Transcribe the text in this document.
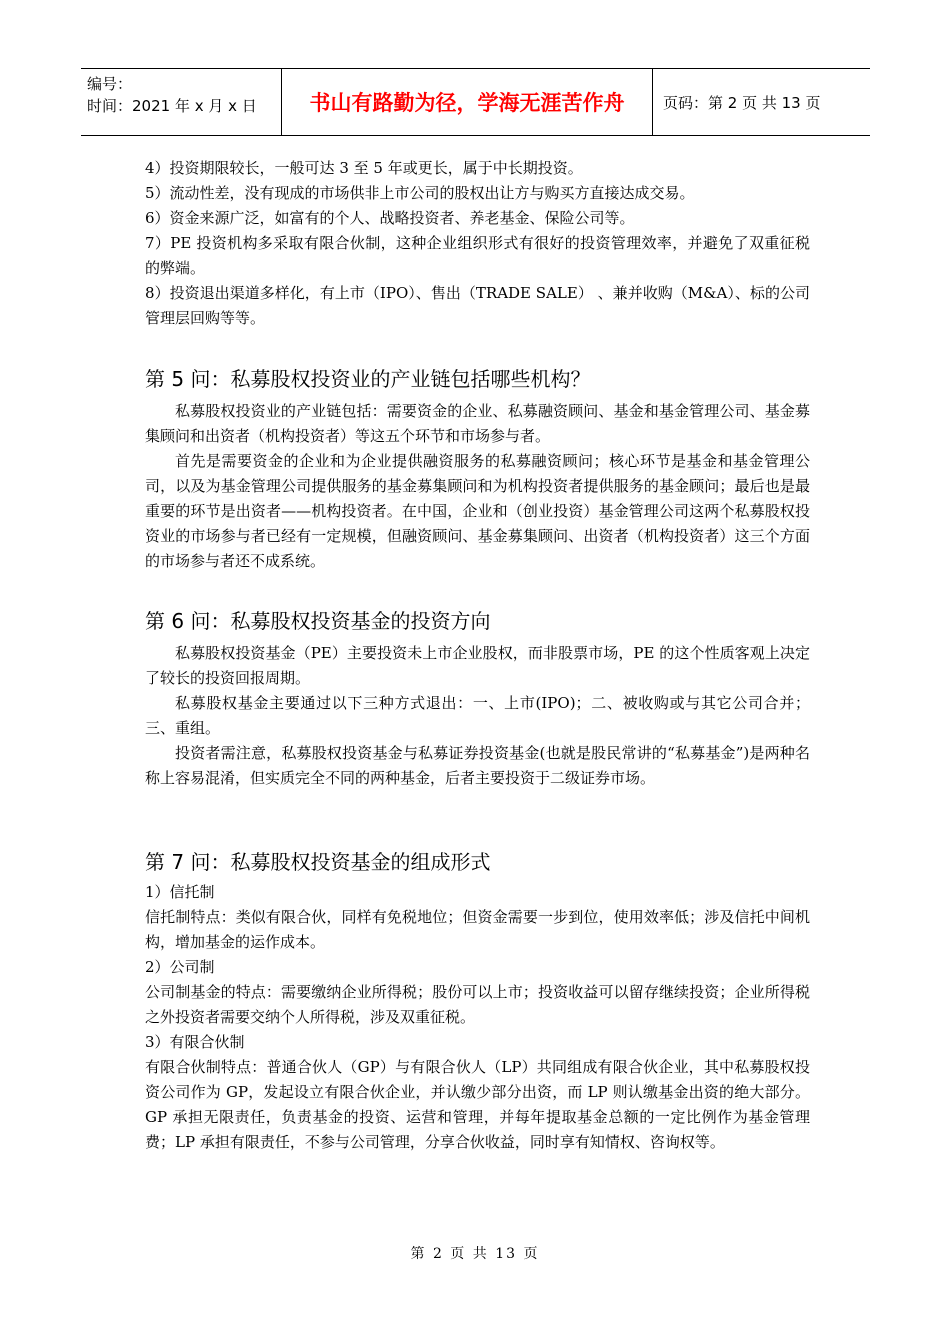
编号：
时间：2021 年 x 月 x 日	书山有路勤为径，学海无涯苦作舟	页码：第 2 页 共 13 页

4）投资期限较长，一般可达 3 至 5 年或更长，属于中长期投资。

5）流动性差，没有现成的市场供非上市公司的股权出让方与购买方直接达成交易。

6）资金来源广泛，如富有的个人、战略投资者、养老基金、保险公司等。

7）PE 投资机构多采取有限合伙制，这种企业组织形式有很好的投资管理效率，并避免了双重征税的弊端。

8）投资退出渠道多样化，有上市（IPO）、售出（TRADE SALE） 、兼并收购（M&A）、标的公司管理层回购等等。

第 5 问：私募股权投资业的产业链包括哪些机构？

私募股权投资业的产业链包括：需要资金的企业、私募融资顾问、基金和基金管理公司、基金募集顾问和出资者（机构投资者）等这五个环节和市场参与者。

首先是需要资金的企业和为企业提供融资服务的私募融资顾问；核心环节是基金和基金管理公司，以及为基金管理公司提供服务的基金募集顾问和为机构投资者提供服务的基金顾问；最后也是最重要的环节是出资者——机构投资者。在中国，企业和（创业投资）基金管理公司这两个私募股权投资业的市场参与者已经有一定规模，但融资顾问、基金募集顾问、出资者（机构投资者）这三个方面的市场参与者还不成系统。

第 6 问：私募股权投资基金的投资方向

私募股权投资基金（PE）主要投资未上市企业股权，而非股票市场，PE 的这个性质客观上决定了较长的投资回报周期。

私募股权基金主要通过以下三种方式退出：一、上市(IPO)；二、被收购或与其它公司合并；三、重组。

投资者需注意，私募股权投资基金与私募证券投资基金(也就是股民常讲的“私募基金”)是两种名称上容易混淆，但实质完全不同的两种基金，后者主要投资于二级证券市场。

第 7 问：私募股权投资基金的组成形式

1）信托制

信托制特点：类似有限合伙，同样有免税地位；但资金需要一步到位，使用效率低；涉及信托中间机构，增加基金的运作成本。

2）公司制

公司制基金的特点：需要缴纳企业所得税；股份可以上市；投资收益可以留存继续投资；企业所得税之外投资者需要交纳个人所得税，涉及双重征税。

3）有限合伙制

有限合伙制特点：普通合伙人（GP）与有限合伙人（LP）共同组成有限合伙企业，其中私募股权投资公司作为 GP，发起设立有限合伙企业，并认缴少部分出资，而 LP 则认缴基金出资的绝大部分。GP 承担无限责任，负责基金的投资、运营和管理，并每年提取基金总额的一定比例作为基金管理费；LP 承担有限责任，不参与公司管理，分享合伙收益，同时享有知情权、咨询权等。

第 2 页 共 13 页
